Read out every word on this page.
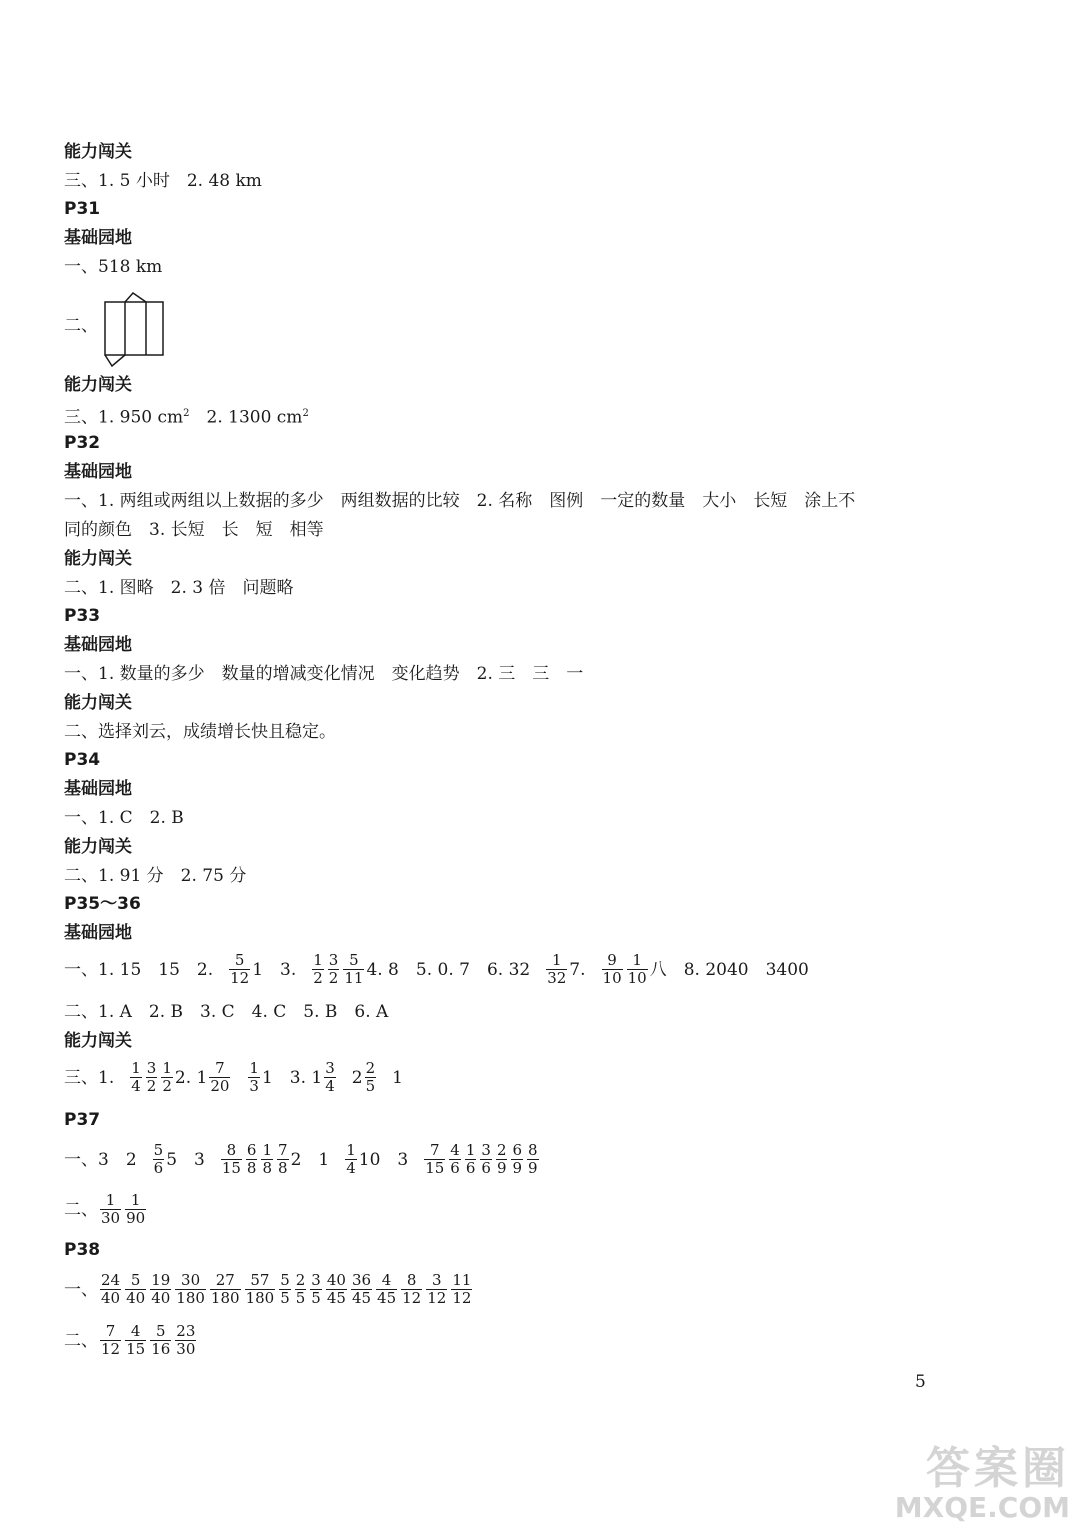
能力闯关
三、1. 5 小时　2. 48 km
P31
基础园地
一、518 km
二、
能力闯关
三、1. 950 $cm^2$　2. 1300 $cm^2$
P32
基础园地
一、1. 两组或两组以上数据的多少　两组数据的比较　2. 名称　图例　一定的数量　大小　长短　涂上不
同的颜色　3. 长短　长　短　相等
能力闯关
二、1. 图略　2. 3 倍　问题略
P33
基础园地
一、1. 数量的多少　数量的增减变化情况　变化趋势　2. 三　三　一
能力闯关
二、选择刘云，成绩增长快且稳定。
P34
基础园地
一、1. C　2. B
能力闯关
二、1. 91 分　2. 75 分
P35～36
基础园地
一、1. 15　15　2. $\frac{5}{12} 1$　3. $\frac{1}{2} \frac{3}{2} \frac{5}{11} 4$. 8　5. 0. 7　6. $32 \frac{1}{32} 7$. $\frac{9}{10} \frac{1}{10}$ 八　8. 2040　3400
二、1. A　2. B　3. C　4. C　5. B　6. A
能力闯关
三、1. $\frac{1}{4} \frac{3}{2} \frac{1}{2} 2$. $1 \frac{7}{20} \frac{1}{3} 1$　3. $1 \frac{3}{4} 2 \frac{2}{5} 1$
P37
一、3　$2 \frac{5}{6} 5$　$3 \frac{8}{15} \frac{6}{8} \frac{1}{8} \frac{7}{8} 2$　$1 \frac{1}{4} 10$　$3 \frac{7}{15} \frac{4}{6} \frac{1}{6} \frac{3}{6} \frac{2}{9} \frac{6}{9} \frac{8}{9}$
二、 $\frac{1}{30} \frac{1}{90}$
P38
一、 $\frac{24}{40} \frac{5}{40} \frac{19}{40} \frac{30}{180} \frac{27}{180} \frac{57}{180} \frac{5}{5} \frac{2}{5} \frac{3}{5} \frac{40}{45} \frac{36}{45} \frac{4}{45} \frac{8}{12} \frac{3}{12} \frac{11}{12}$
二、 $\frac{7}{12} \frac{4}{15} \frac{5}{16} \frac{23}{30}$
5
答案圈
MXQE.COM
